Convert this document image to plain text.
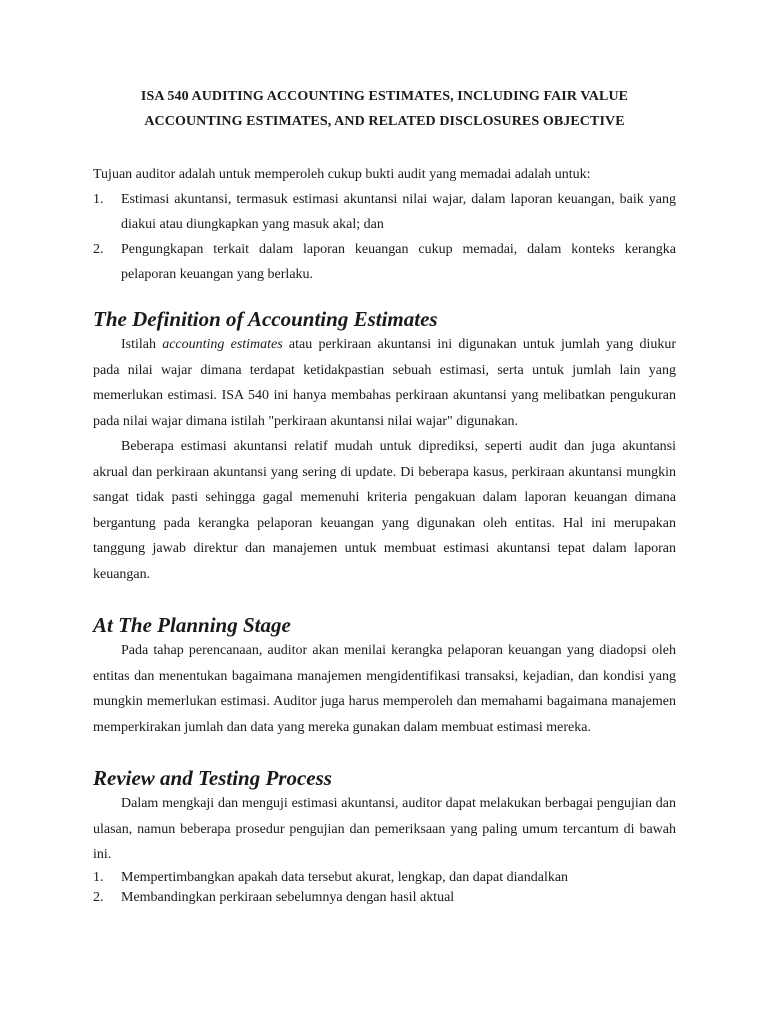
ISA 540 AUDITING ACCOUNTING ESTIMATES, INCLUDING FAIR VALUE
ACCOUNTING ESTIMATES, AND RELATED DISCLOSURES OBJECTIVE

Tujuan auditor adalah untuk memperoleh cukup bukti audit yang memadai adalah untuk:

1. Estimasi akuntansi, termasuk estimasi akuntansi nilai wajar, dalam laporan keuangan, baik yang diakui atau diungkapkan yang masuk akal; dan
2. Pengungkapan terkait dalam laporan keuangan cukup memadai, dalam konteks kerangka pelaporan keuangan yang berlaku.
The Definition of Accounting Estimates

Istilah accounting estimates atau perkiraan akuntansi ini digunakan untuk jumlah yang diukur pada nilai wajar dimana terdapat ketidakpastian sebuah estimasi, serta untuk jumlah lain yang memerlukan estimasi. ISA 540 ini hanya membahas perkiraan akuntansi yang melibatkan pengukuran pada nilai wajar dimana istilah "perkiraan akuntansi nilai wajar" digunakan.

Beberapa estimasi akuntansi relatif mudah untuk diprediksi, seperti audit dan juga akuntansi akrual dan perkiraan akuntansi yang sering di update. Di beberapa kasus, perkiraan akuntansi mungkin sangat tidak pasti sehingga gagal memenuhi kriteria pengakuan dalam laporan keuangan dimana bergantung pada kerangka pelaporan keuangan yang digunakan oleh entitas. Hal ini merupakan tanggung jawab direktur dan manajemen untuk membuat estimasi akuntansi tepat dalam laporan keuangan.

At The Planning Stage

Pada tahap perencanaan, auditor akan menilai kerangka pelaporan keuangan yang diadopsi oleh entitas dan menentukan bagaimana manajemen mengidentifikasi transaksi, kejadian, dan kondisi yang mungkin memerlukan estimasi. Auditor juga harus memperoleh dan memahami bagaimana manajemen memperkirakan jumlah dan data yang mereka gunakan dalam membuat estimasi mereka.

Review and Testing Process

Dalam mengkaji dan menguji estimasi akuntansi, auditor dapat melakukan berbagai pengujian dan ulasan, namun beberapa prosedur pengujian dan pemeriksaan yang paling umum tercantum di bawah ini.

1. Mempertimbangkan apakah data tersebut akurat, lengkap, dan dapat diandalkan
2. Membandingkan perkiraan sebelumnya dengan hasil aktual
